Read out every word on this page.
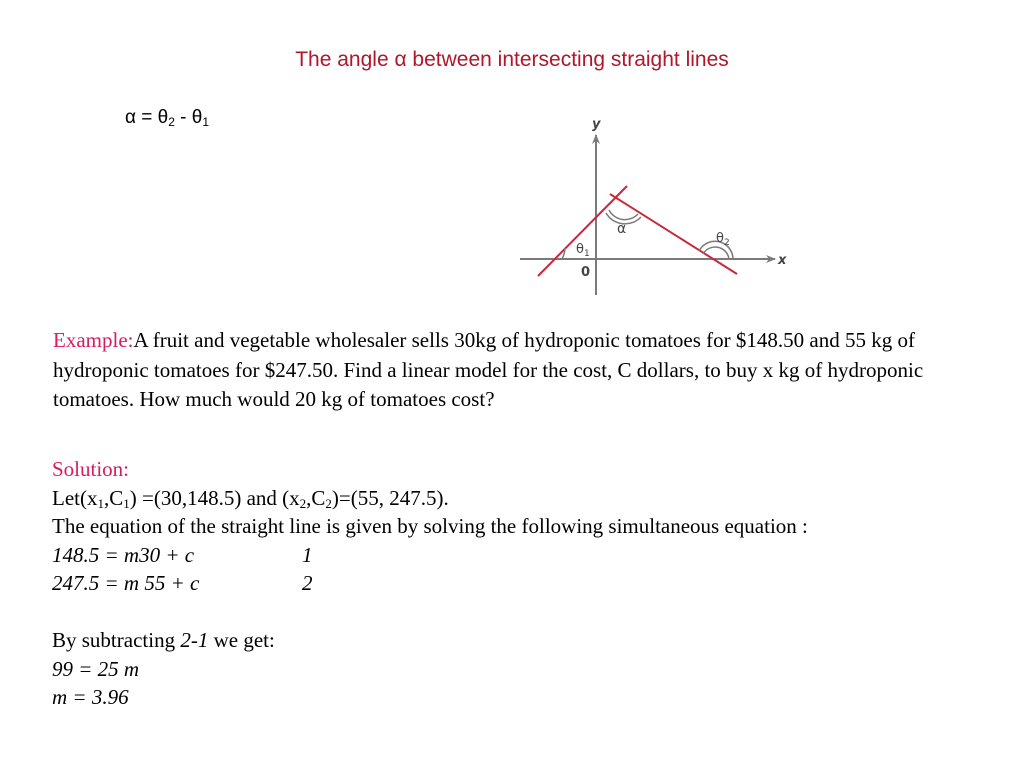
The angle α between intersecting straight lines
$\alpha = \theta_2 - \theta_1$	y
x
0
$\theta_1$
α
$\theta_2$
Example:A fruit and vegetable wholesaler sells 30kg of hydroponic tomatoes for $148.50 and 55 kg of hydroponic tomatoes for $247.50. Find a linear model for the cost, C dollars, to buy x kg of hydroponic tomatoes. How much would 20 kg of tomatoes cost?
Solution:
$Let(x_1,C_1) =(30,148.5)$ and $(x_2,C_2)=(55$, 247.5).
The equation of the straight line is given by solving the following simultaneous equation :
148.5 = m30 + c	1
247.5 = m 55 + c	2
By subtracting 2-1 we get:
99 = 25 m
m = 3.96
